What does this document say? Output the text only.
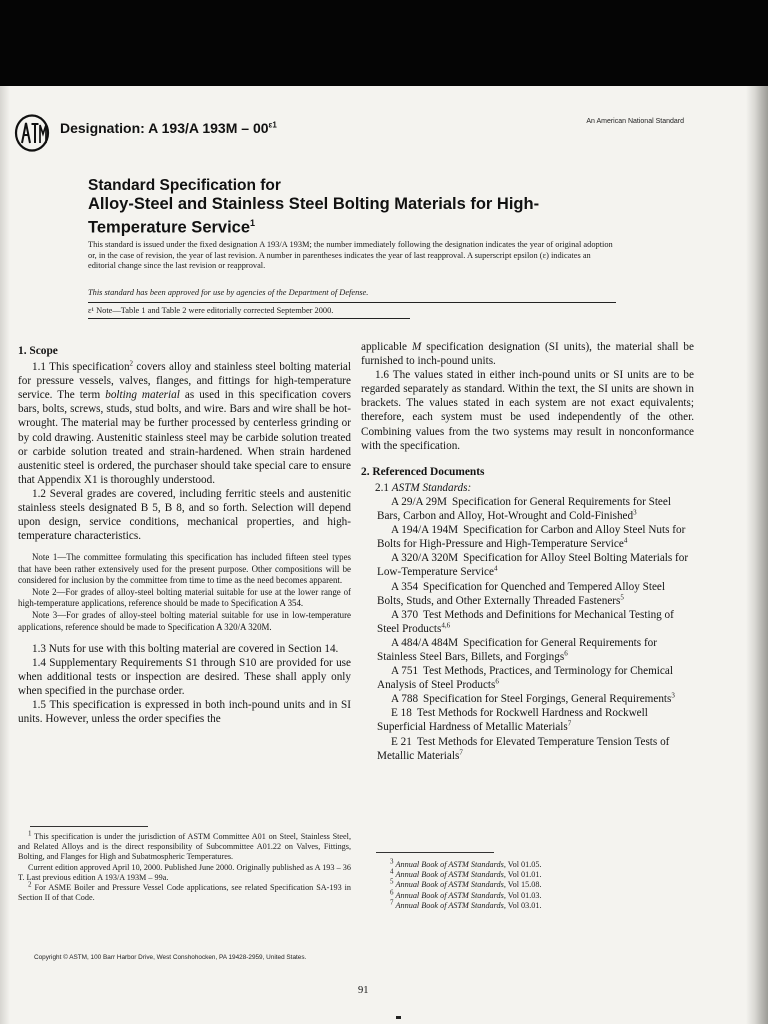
Designation: A 193/A $193M - 00^{\varepsilon 1}$	An American National Standard
Standard Specification for
Alloy-Steel and Stainless Steel Bolting Materials for High-
Temperature Service$^1$
This standard is issued under the fixed designation A 193/A 193M; the number immediately following the designation indicates the year of original adoption or, in the case of revision, the year of last revision. A number in parentheses indicates the year of last reapproval. A superscript epsilon (ε) indicates an editorial change since the last revision or reapproval.
This standard has been approved for use by agencies of the Department of Defense.
ε¹ Note—Table 1 and Table 2 were editorially corrected September 2000.
1. Scope

1.1 This specification$^2$ covers alloy and stainless steel bolting material for pressure vessels, valves, flanges, and fittings for high-temperature service. The term bolting material as used in this specification covers bars, bolts, screws, studs, stud bolts, and wire. Bars and wire shall be hot-wrought. The material may be further processed by centerless grinding or by cold drawing. Austenitic stainless steel may be carbide solution treated or carbide solution treated and strain-hardened. When strain hardened austenitic steel is ordered, the purchaser should take special care to ensure that Appendix X1 is thoroughly understood.

1.2 Several grades are covered, including ferritic steels and austenitic stainless steels designated B 5, B 8, and so forth. Selection will depend upon design, service conditions, mechanical properties, and high-temperature characteristics.

Note 1—The committee formulating this specification has included fifteen steel types that have been rather extensively used for the present purpose. Other compositions will be considered for inclusion by the committee from time to time as the need becomes apparent.

Note 2—For grades of alloy-steel bolting material suitable for use at the lower range of high-temperature applications, reference should be made to Specification A 354.

Note 3—For grades of alloy-steel bolting material suitable for use in low-temperature applications, reference should be made to Specification A 320/A 320M.

1.3 Nuts for use with this bolting material are covered in Section 14.

1.4 Supplementary Requirements S1 through S10 are provided for use when additional tests or inspection are desired. These shall apply only when specified in the purchase order.

1.5 This specification is expressed in both inch-pound units and in SI units. However, unless the order specifies the

applicable M specification designation (SI units), the material shall be furnished to inch-pound units.

1.6 The values stated in either inch-pound units or SI units are to be regarded separately as standard. Within the text, the SI units are shown in brackets. The values stated in each system are not exact equivalents; therefore, each system must be used independently of the other. Combining values from the two systems may result in nonconformance with the specification.

2. Referenced Documents

2.1 ASTM Standards:

A 29/A 29M Specification for General Requirements for Steel Bars, Carbon and Alloy, Hot-Wrought and Cold-Finished$^3$

A 194/A 194M Specification for Carbon and Alloy Steel Nuts for Bolts for High-Pressure and High-Temperature Service$^4$

A 320/A 320M Specification for Alloy Steel Bolting Materials for Low-Temperature Service$^4$

A 354 Specification for Quenched and Tempered Alloy Steel Bolts, Studs, and Other Externally Threaded Fasteners$^5$

A 370 Test Methods and Definitions for Mechanical Testing of Steel Products$^{4,6}$

A 484/A 484M Specification for General Requirements for Stainless Steel Bars, Billets, and Forgings$^6$

A 751 Test Methods, Practices, and Terminology for Chemical Analysis of Steel Products$^6$

A 788 Specification for Steel Forgings, General Requirements$^3$

E 18 Test Methods for Rockwell Hardness and Rockwell Superficial Hardness of Metallic Materials$^7$

E 21 Test Methods for Elevated Temperature Tension Tests of Metallic Materials$^7$

$^1$ This specification is under the jurisdiction of ASTM Committee A01 on Steel, Stainless Steel, and Related Alloys and is the direct responsibility of Subcommittee A01.22 on Valves, Fittings, Bolting, and Flanges for High and Subatmospheric Temperatures.

Current edition approved April 10, 2000. Published June 2000. Originally published as A 193 – 36 T. Last previous edition A 193/A 193M – 99a.

$^2$ For ASME Boiler and Pressure Vessel Code applications, see related Specification SA-193 in Section II of that Code.

$^3$ Annual Book of ASTM Standards, Vol 01.05.

$^4$ Annual Book of ASTM Standards, Vol 01.01.

$^5$ Annual Book of ASTM Standards, Vol 15.08.

$^6$ Annual Book of ASTM Standards, Vol 01.03.

$^7$ Annual Book of ASTM Standards, Vol 03.01.

Copyright © ASTM, 100 Barr Harbor Drive, West Conshohocken, PA 19428-2959, United States.
91
